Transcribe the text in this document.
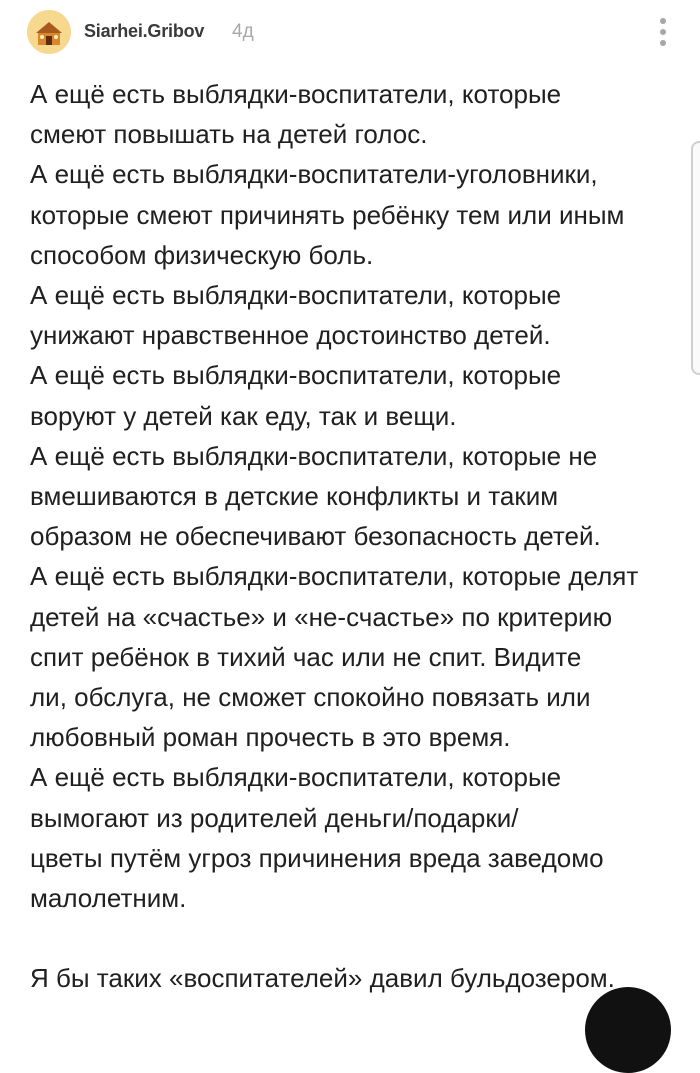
Siarhei.Gribov 4д
А ещё есть выблядки-воспитатели, которые
смеют повышать на детей голос.
А ещё есть выблядки-воспитатели-уголовники,
которые смеют причинять ребёнку тем или иным
способом физическую боль.
А ещё есть выблядки-воспитатели, которые
унижают нравственное достоинство детей.
А ещё есть выблядки-воспитатели, которые
воруют у детей как еду, так и вещи.
А ещё есть выблядки-воспитатели, которые не
вмешиваются в детские конфликты и таким
образом не обеспечивают безопасность детей.
А ещё есть выблядки-воспитатели, которые делят
детей на «счастье» и «не-счастье» по критерию
спит ребёнок в тихий час или не спит. Видите
ли, обслуга, не сможет спокойно повязать или
любовный роман прочесть в это время.
А ещё есть выблядки-воспитатели, которые
вымогают из родителей деньги/подарки/
цветы путём угроз причинения вреда заведомо
малолетним.
Я бы таких «воспитателей» давил бульдозером.
